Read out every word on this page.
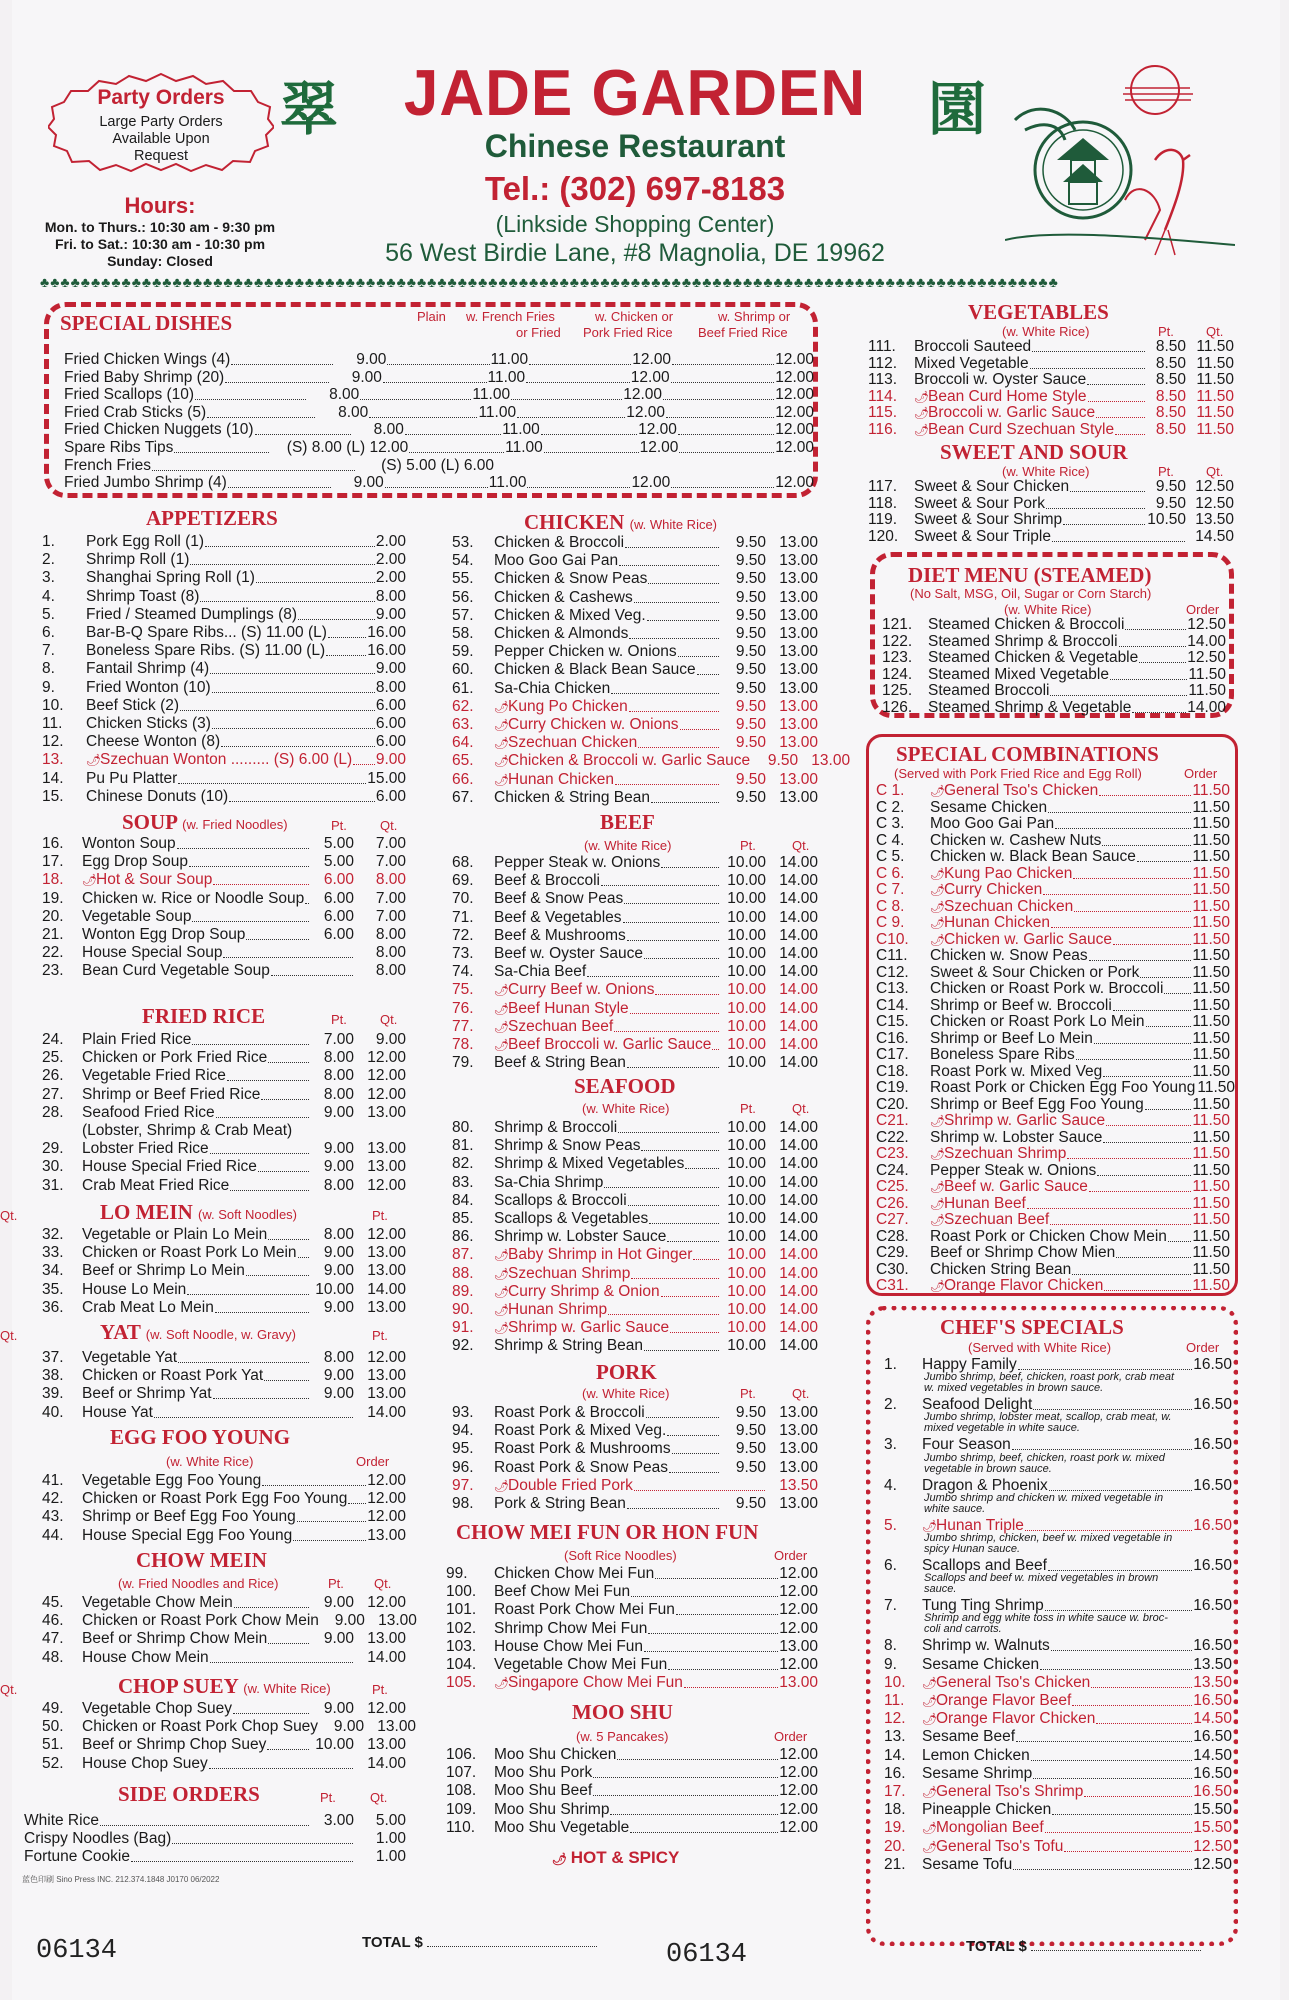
Party Orders
Large Party Orders Available Upon Request
Hours:
Mon. to Thurs.: 10:30 am - 9:30 pm
Fri. to Sat.: 10:30 am - 10:30 pm
Sunday: Closed
翠	園
JADE GARDEN
Chinese Restaurant
Tel.: (302) 697-8183
(Linkside Shopping Center)
56 West Birdie Lane, #8 Magnolia, DE 19962
♣♣♣♣♣♣♣♣♣♣♣♣♣♣♣♣♣♣♣♣♣♣♣♣♣♣♣♣♣♣♣♣♣♣♣♣♣♣♣♣♣♣♣♣♣♣♣♣♣♣♣♣♣♣♣♣♣♣♣♣♣♣♣♣♣♣♣♣♣♣♣♣♣♣♣♣♣♣♣♣♣♣♣♣♣♣♣♣♣♣♣♣♣♣♣♣♣♣♣♣
SPECIAL DISHES	Plain w. French Fries
or Fried
w. Chicken or
Pork Fried Rice
w. Shrimp or
Beef Fried Rice
Fried Chicken Wings (4)	9.00	11.00	12.00	12.00
Fried Baby Shrimp (20)	9.00	11.00	12.00	12.00
Fried Scallops (10)	8.00	11.00	12.00	12.00
Fried Crab Sticks (5)	8.00	11.00	12.00	12.00
Fried Chicken Nuggets (10)	8.00	11.00	12.00	12.00
Spare Ribs Tips	(S) 8.00 (L) 12.00	11.00	12.00	12.00
French Fries	(S) 5.00 (L) 6.00
Fried Jumbo Shrimp (4)	9.00	11.00	12.00	12.00
APPETIZERS
1.	Pork Egg Roll (1)	2.00
2.	Shrimp Roll (1)	2.00
3.	Shanghai Spring Roll (1)	2.00
4.	Shrimp Toast (8)	8.00
5.	Fried / Steamed Dumplings (8)	9.00
6.	Bar-B-Q Spare Ribs... (S) 11.00 (L)	16.00
7.	Boneless Spare Ribs. (S) 11.00 (L)	16.00
8.	Fantail Shrimp (4)	9.00
9.	Fried Wonton (10)	8.00
10.	Beef Stick (2)	6.00
11.	Chicken Sticks (3)	6.00
12.	Cheese Wonton (8)	6.00
13.	🌶Szechuan Wonton ......... (S) 6.00 (L) 9.00
14.	Pu Pu Platter	15.00
15.	Chinese Donuts (10)	6.00
SOUP (w. Fried Noodles)	Pt.	Qt.
16.	Wonton Soup	5.00	7.00
17.	Egg Drop Soup	5.00	7.00
18.	🌶Hot & Sour Soup	6.00	8.00
19.	Chicken w. Rice or Noodle Soup	6.00	7.00
20.	Vegetable Soup	6.00	7.00
21.	Wonton Egg Drop Soup	6.00	8.00
22.	House Special Soup	8.00
23.	Bean Curd Vegetable Soup	8.00
FRIED RICE	Pt.	Qt.
24.	Plain Fried Rice	7.00	9.00
25.	Chicken or Pork Fried Rice	8.00 12.00
26.	Vegetable Fried Rice	8.00 12.00
27.	Shrimp or Beef Fried Rice	8.00 12.00
28.	Seafood Fried Rice	9.00 13.00
(Lobster, Shrimp & Crab Meat)
29.	Lobster Fried Rice	9.00 13.00
30.	House Special Fried Rice	9.00 13.00
31.	Crab Meat Fried Rice	8.00 12.00
LO MEIN (w. Soft Noodles)	Pt.
Qt.
32.	Vegetable or Plain Lo Mein	8.00 12.00
33.	Chicken or Roast Pork Lo Mein	9.00 13.00
34.	Beef or Shrimp Lo Mein	9.00 13.00
35.	House Lo Mein	10.00 14.00
36.	Crab Meat Lo Mein	9.00 13.00
YAT (w. Soft Noodle, w. Gravy)	Pt.
Qt.
37.	Vegetable Yat	8.00 12.00
38.	Chicken or Roast Pork Yat	9.00 13.00
39.	Beef or Shrimp Yat	9.00 13.00
40.	House Yat	14.00
EGG FOO YOUNG
(w. White Rice)	Order
41.	Vegetable Egg Foo Young	12.00
42.	Chicken or Roast Pork Egg Foo Young 12.00
43.	Shrimp or Beef Egg Foo Young	12.00
44.	House Special Egg Foo Young	13.00
CHOW MEIN
(w. Fried Noodles and Rice)	Pt. Qt.
45.	Vegetable Chow Mein	9.00 12.00
46.	Chicken or Roast Pork Chow Mein	9.00 13.00
47.	Beef or Shrimp Chow Mein	9.00 13.00
48.	House Chow Mein	14.00
CHOP SUEY (w. White Rice)	Pt.
Qt.
49.	Vegetable Chop Suey	9.00 12.00
50.	Chicken or Roast Pork Chop Suey	9.00 13.00
51.	Beef or Shrimp Chop Suey	10.00 13.00
52.	House Chop Suey	14.00
SIDE ORDERS	Pt.	Qt.
White Rice	3.00	5.00
Crispy Noodles (Bag)	1.00
Fortune Cookie	1.00
CHICKEN (w. White Rice)
53.	Chicken & Broccoli	9.50 13.00
54.	Moo Goo Gai Pan	9.50 13.00
55.	Chicken & Snow Peas	9.50 13.00
56.	Chicken & Cashews	9.50 13.00
57.	Chicken & Mixed Veg.	9.50 13.00
58.	Chicken & Almonds	9.50 13.00
59.	Pepper Chicken w. Onions	9.50 13.00
60.	Chicken & Black Bean Sauce	9.50 13.00
61.	Sa-Chia Chicken	9.50 13.00
62.	🌶Kung Po Chicken	9.50 13.00
63.	🌶Curry Chicken w. Onions	9.50 13.00
64.	🌶Szechuan Chicken	9.50 13.00
65.	🌶Chicken & Broccoli w. Garlic Sauce	9.50 13.00
66.	🌶Hunan Chicken	9.50 13.00
67.	Chicken & String Bean	9.50 13.00
BEEF
(w. White Rice)	Pt.	Qt.
68.	Pepper Steak w. Onions	10.00 14.00
69.	Beef & Broccoli	10.00 14.00
70.	Beef & Snow Peas	10.00 14.00
71.	Beef & Vegetables	10.00 14.00
72.	Beef & Mushrooms	10.00 14.00
73.	Beef w. Oyster Sauce	10.00 14.00
74.	Sa-Chia Beef	10.00 14.00
75.	🌶Curry Beef w. Onions	10.00 14.00
76.	🌶Beef Hunan Style	10.00 14.00
77.	🌶Szechuan Beef	10.00 14.00
78.	🌶Beef Broccoli w. Garlic Sauce	10.00 14.00
79.	Beef & String Bean	10.00 14.00
SEAFOOD
(w. White Rice)	Pt.	Qt.
80.	Shrimp & Broccoli	10.00 14.00
81.	Shrimp & Snow Peas	10.00 14.00
82.	Shrimp & Mixed Vegetables	10.00 14.00
83.	Sa-Chia Shrimp	10.00 14.00
84.	Scallops & Broccoli	10.00 14.00
85.	Scallops & Vegetables	10.00 14.00
86.	Shrimp w. Lobster Sauce	10.00 14.00
87.	🌶Baby Shrimp in Hot Ginger	10.00 14.00
88.	🌶Szechuan Shrimp	10.00 14.00
89.	🌶Curry Shrimp & Onion	10.00 14.00
90.	🌶Hunan Shrimp	10.00 14.00
91.	🌶Shrimp w. Garlic Sauce	10.00 14.00
92.	Shrimp & String Bean	10.00 14.00
PORK
(w. White Rice)	Pt.	Qt.
93.	Roast Pork & Broccoli	9.50 13.00
94.	Roast Pork & Mixed Veg.	9.50 13.00
95.	Roast Pork & Mushrooms	9.50 13.00
96.	Roast Pork & Snow Peas	9.50 13.00
97.	🌶Double Fried Pork	13.50
98.	Pork & String Bean	9.50 13.00
CHOW MEI FUN OR HON FUN
(Soft Rice Noodles)	Order
99.	Chicken Chow Mei Fun	12.00
100.	Beef Chow Mei Fun	12.00
101.	Roast Pork Chow Mei Fun	12.00
102.	Shrimp Chow Mei Fun	12.00
103.	House Chow Mei Fun	13.00
104.	Vegetable Chow Mei Fun	12.00
105.	🌶Singapore Chow Mei Fun	13.00
MOO SHU
(w. 5 Pancakes)	Order
106.	Moo Shu Chicken	12.00
107.	Moo Shu Pork	12.00
108.	Moo Shu Beef	12.00
109.	Moo Shu Shrimp	12.00
110.	Moo Shu Vegetable	12.00
VEGETABLES
(w. White Rice)	Pt. Qt.
111.	Broccoli Sauteed	8.50 11.50
112.	Mixed Vegetable	8.50 11.50
113.	Broccoli w. Oyster Sauce	8.50 11.50
114.	🌶Bean Curd Home Style	8.50 11.50
115.	🌶Broccoli w. Garlic Sauce	8.50 11.50
116.	🌶Bean Curd Szechuan Style	8.50 11.50
SWEET AND SOUR
(w. White Rice)	Pt. Qt.
117.	Sweet & Sour Chicken	9.50 12.50
118.	Sweet & Sour Pork	9.50 12.50
119.	Sweet & Sour Shrimp	10.50 13.50
120.	Sweet & Sour Triple	14.50
DIET MENU (STEAMED)
(w. White Rice)
(No Salt, MSG, Oil, Sugar or Corn Starch)
Order
121.	Steamed Chicken & Broccoli	12.50
122.	Steamed Shrimp & Broccoli	14.00
123.	Steamed Chicken & Vegetable	12.50
124.	Steamed Mixed Vegetable	11.50
125.	Steamed Broccoli	11.50
126.	Steamed Shrimp & Vegetable	14.00
SPECIAL COMBINATIONS
(Served with Pork Fried Rice and Egg Roll)	Order
C 1.	🌶General Tso's Chicken	11.50
C 2.	Sesame Chicken	11.50
C 3.	Moo Goo Gai Pan	11.50
C 4.	Chicken w. Cashew Nuts	11.50
C 5.	Chicken w. Black Bean Sauce	11.50
C 6.	🌶Kung Pao Chicken	11.50
C 7.	🌶Curry Chicken	11.50
C 8.	🌶Szechuan Chicken	11.50
C 9.	🌶Hunan Chicken	11.50
C10.	🌶Chicken w. Garlic Sauce	11.50
C11.	Chicken w. Snow Peas	11.50
C12.	Sweet & Sour Chicken or Pork	11.50
C13.	Chicken or Roast Pork w. Broccoli 11.50
C14.	Shrimp or Beef w. Broccoli	11.50
C15.	Chicken or Roast Pork Lo Mein	11.50
C16.	Shrimp or Beef Lo Mein	11.50
C17.	Boneless Spare Ribs	11.50
C18.	Roast Pork w. Mixed Veg	11.50
C19.	Roast Pork or Chicken Egg Foo Young 11.50
C20.	Shrimp or Beef Egg Foo Young	11.50
C21.	🌶Shrimp w. Garlic Sauce	11.50
C22.	Shrimp w. Lobster Sauce	11.50
C23.	🌶Szechuan Shrimp	11.50
C24.	Pepper Steak w. Onions	11.50
C25.	🌶Beef w. Garlic Sauce	11.50
C26.	🌶Hunan Beef	11.50
C27.	🌶Szechuan Beef	11.50
C28.	Roast Pork or Chicken Chow Mein 11.50
C29.	Beef or Shrimp Chow Mien	11.50
C30.	Chicken String Bean	11.50
C31.	🌶Orange Flavor Chicken	11.50
CHEF'S SPECIALS
(Served with White Rice)	Order
1.	Happy Family	16.50
Jumbo shrimp, beef, chicken, roast pork, crab meat
w. mixed vegetables in brown sauce.
2.	Seafood Delight	16.50
Jumbo shrimp, lobster meat, scallop, crab meat, w.
mixed vegetable in white sauce.
3.	Four Season	16.50
Jumbo shrimp, beef, chicken, roast pork w. mixed
vegetable in brown sauce.
4.	Dragon & Phoenix	16.50
Jumbo shrimp and chicken w. mixed vegetable in
white sauce.
5.	🌶Hunan Triple	16.50
Jumbo shrimp, chicken, beef w. mixed vegetable in
spicy Hunan sauce.
6.	Scallops and Beef	16.50
Scallops and beef w. mixed vegetables in brown
sauce.
7.	Tung Ting Shrimp	16.50
Shrimp and egg white toss in white sauce w. broc-
coli and carrots.
8.	Shrimp w. Walnuts	16.50
9.	Sesame Chicken	13.50
10.	🌶General Tso's Chicken	13.50
11.	🌶Orange Flavor Beef	16.50
12.	🌶Orange Flavor Chicken	14.50
13.	Sesame Beef	16.50
14.	Lemon Chicken	14.50
16.	Sesame Shrimp	16.50
17.	🌶General Tso's Shrimp	16.50
18.	Pineapple Chicken	15.50
19.	🌶Mongolian Beef	15.50
20.	🌶General Tso's Tofu	12.50
21.	Sesame Tofu	12.50
🌶 HOT & SPICY
蓝色印刷 Sino Press INC. 212.374.1848 J0170 06/2022
06134	06134
TOTAL $	TOTAL $
